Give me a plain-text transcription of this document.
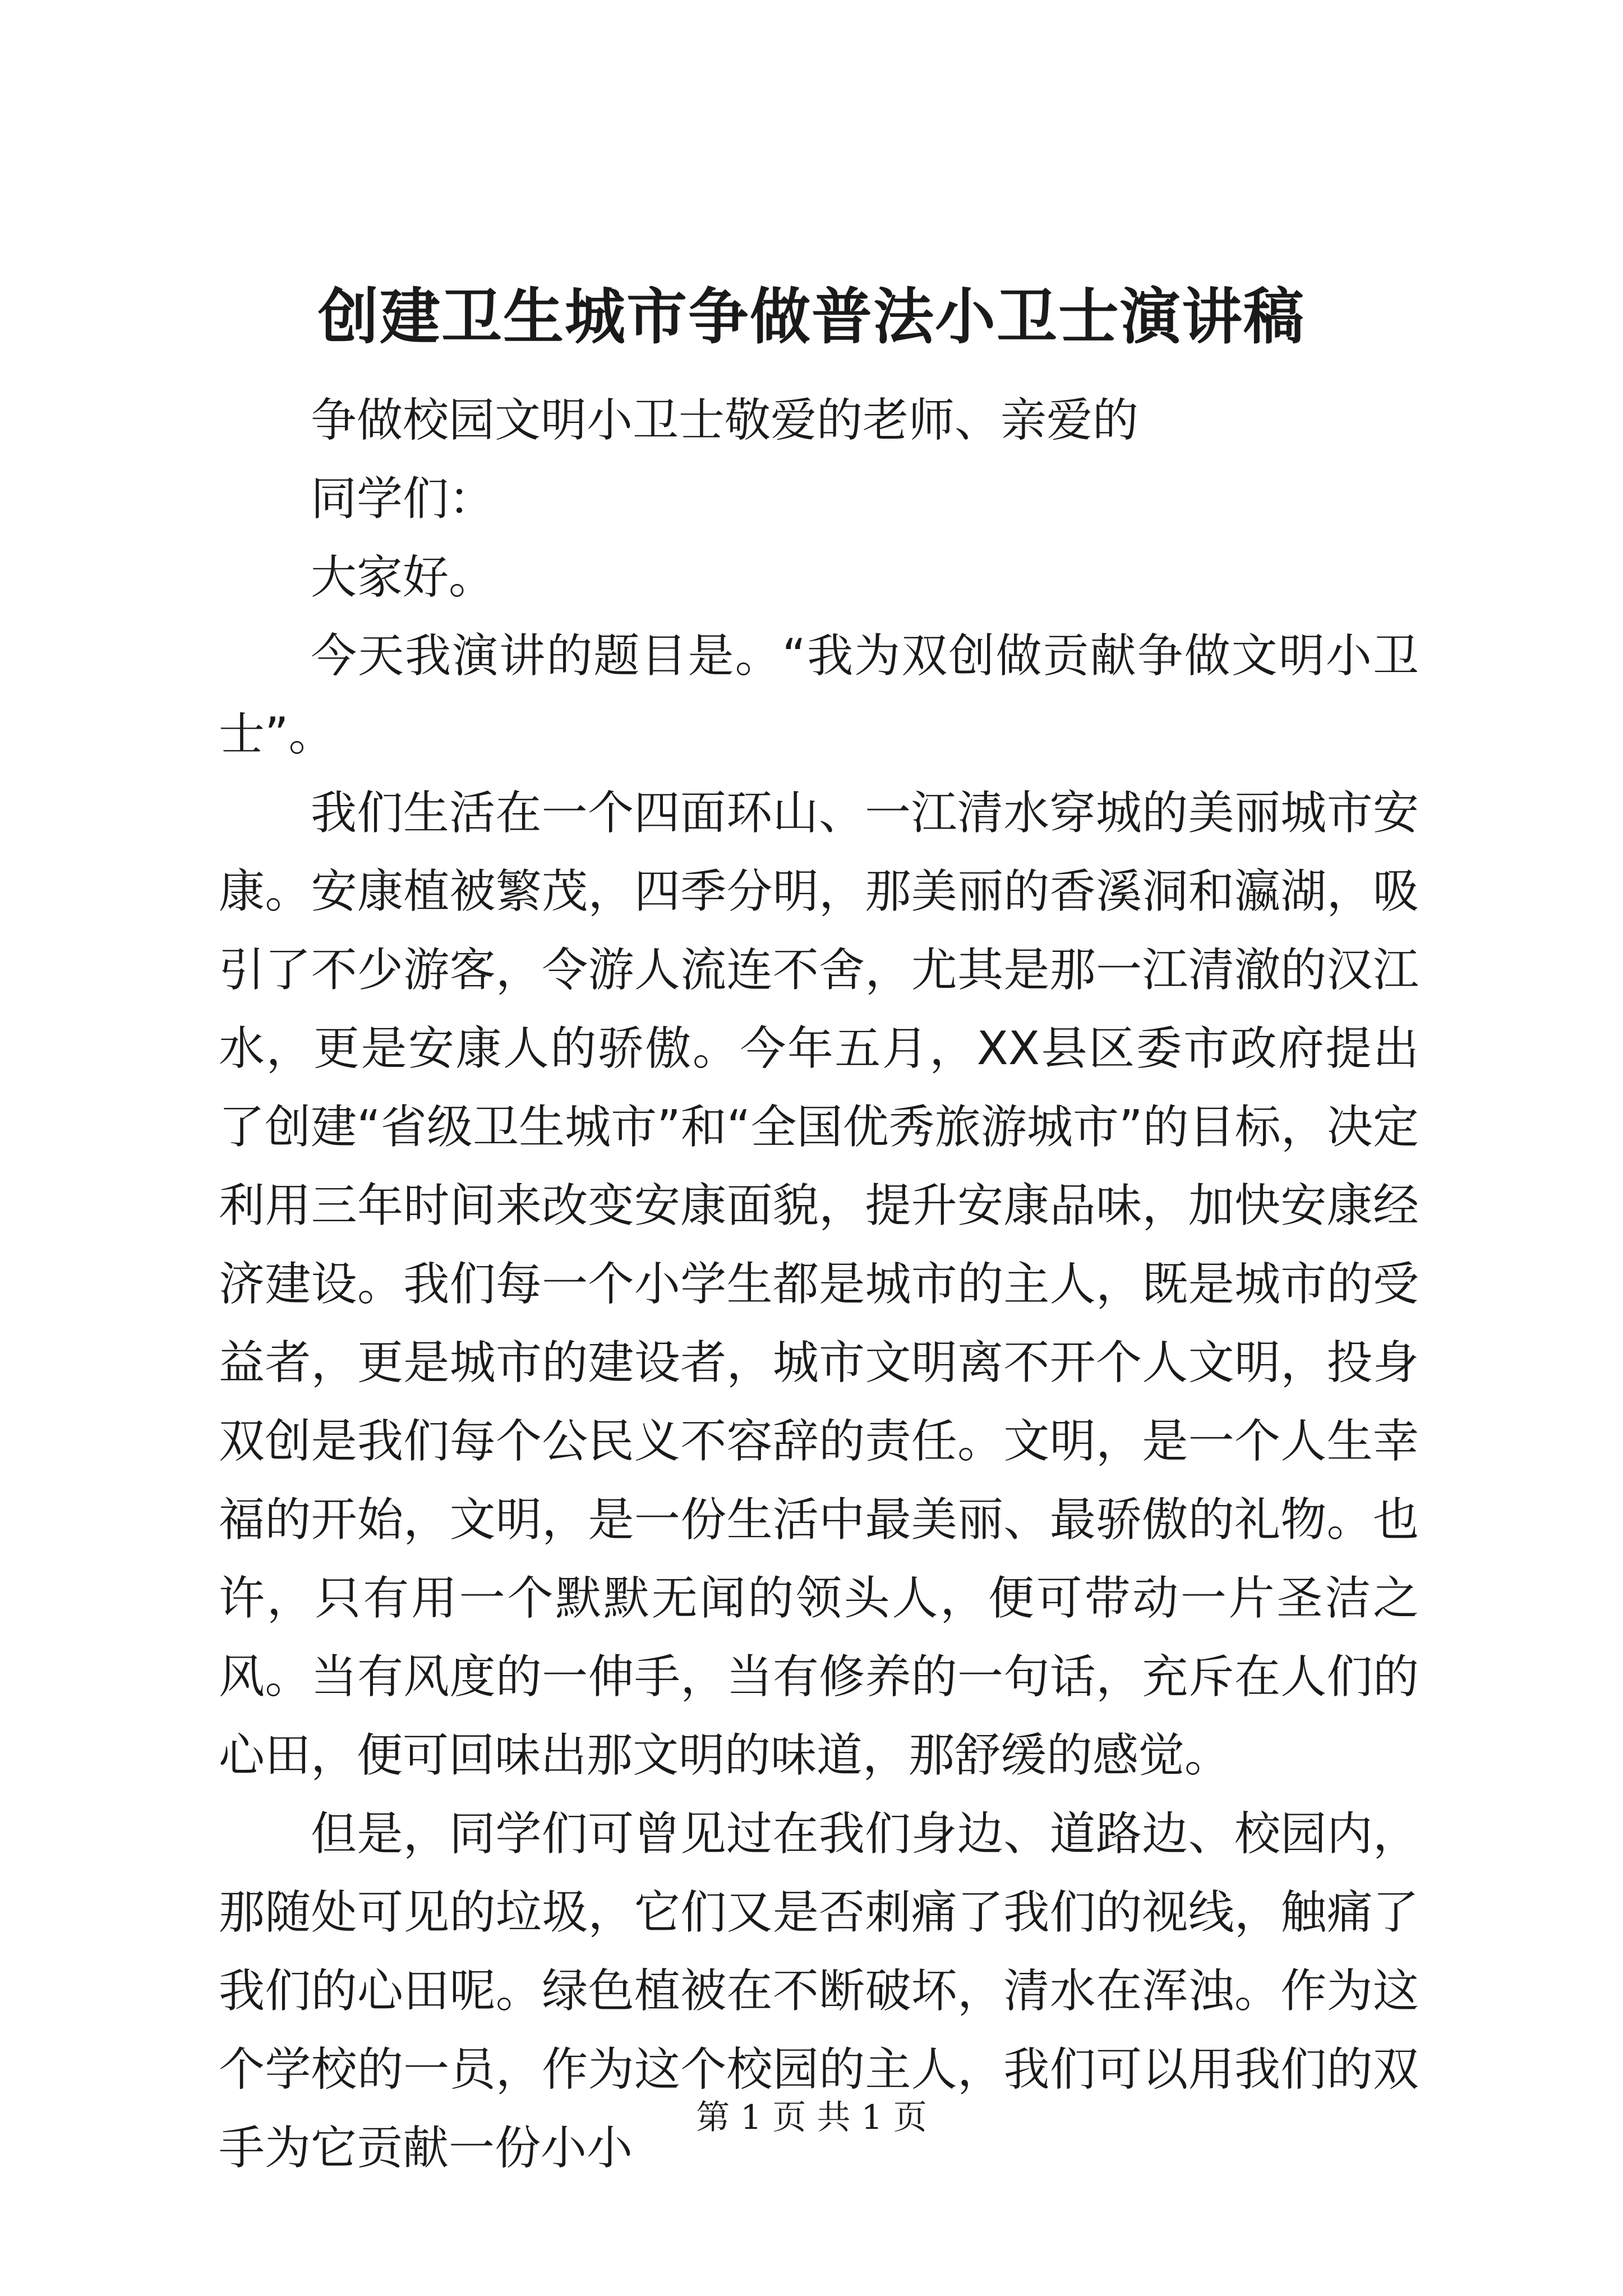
创建卫生城市争做普法小卫士演讲稿

争做校园文明小卫士敬爱的老师、亲爱的

同学们：

大家好。

今天我演讲的题目是。“我为双创做贡献争做文明小卫士”。

我们生活在一个四面环山、一江清水穿城的美丽城市安康。安康植被繁茂，四季分明，那美丽的香溪洞和瀛湖，吸引了不少游客，令游人流连不舍，尤其是那一江清澈的汉江水，更是安康人的骄傲。今年五月，XX县区委市政府提出了创建“省级卫生城市”和“全国优秀旅游城市”的目标，决定利用三年时间来改变安康面貌，提升安康品味，加快安康经济建设。我们每一个小学生都是城市的主人，既是城市的受益者，更是城市的建设者，城市文明离不开个人文明，投身双创是我们每个公民义不容辞的责任。文明，是一个人生幸福的开始，文明，是一份生活中最美丽、最骄傲的礼物。也许，只有用一个默默无闻的领头人，便可带动一片圣洁之风。当有风度的一伸手，当有修养的一句话，充斥在人们的心田，便可回味出那文明的味道，那舒缓的感觉。

但是，同学们可曾见过在我们身边、道路边、校园内，那随处可见的垃圾，它们又是否刺痛了我们的视线，触痛了我们的心田呢。绿色植被在不断破坏，清水在浑浊。作为这个学校的一员，作为这个校园的主人，我们可以用我们的双手为它贡献一份小小

第 1 页 共 1 页
